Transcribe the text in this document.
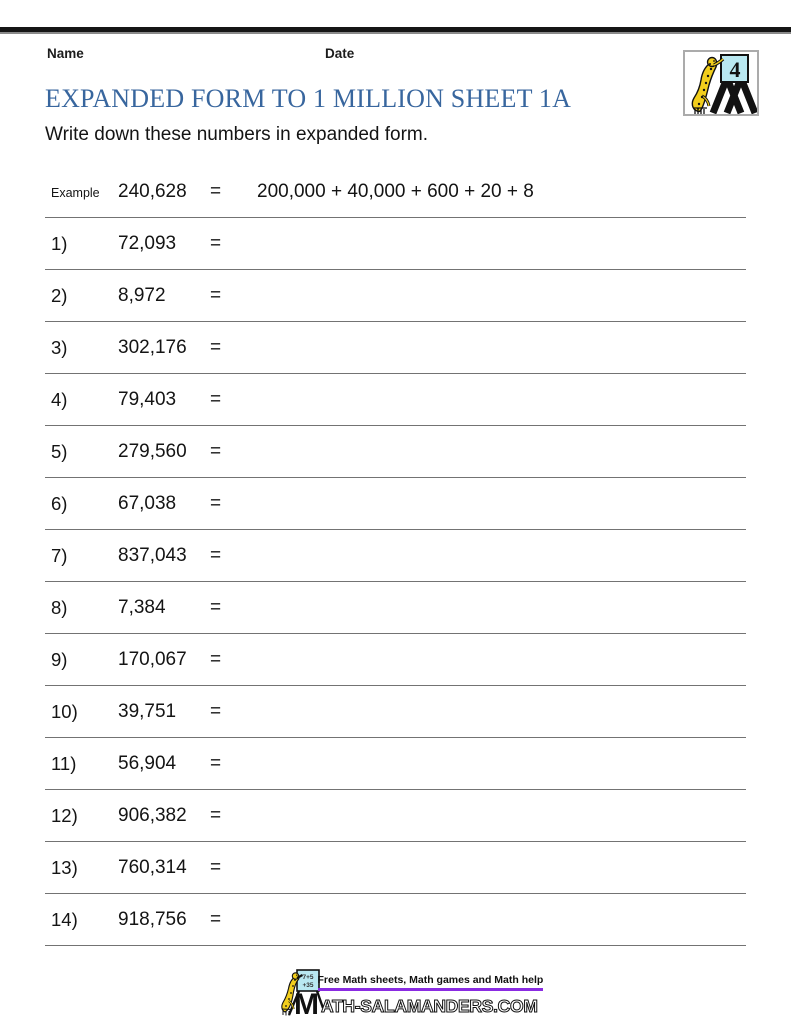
Name	Date
4
EXPANDED FORM TO 1 MILLION SHEET 1A

Write down these numbers in expanded form.

Example 240,628	=	200,000 + 40,000 + 600 + 20 + 8
1)	72,093	=
2)	8,972	=
3)	302,176	=
4)	79,403	=
5)	279,560	=
6)	67,038	=
7)	837,043	=
8)	7,384	=
9)	170,067	=
10)	39,751	=
11)	56,904	=
12)	906,382	=
13)	760,314	=
14)	918,756	=
7+5
+35 Free Math sheets, Math games and Math help
M ATH-SALAMANDERS.COM
